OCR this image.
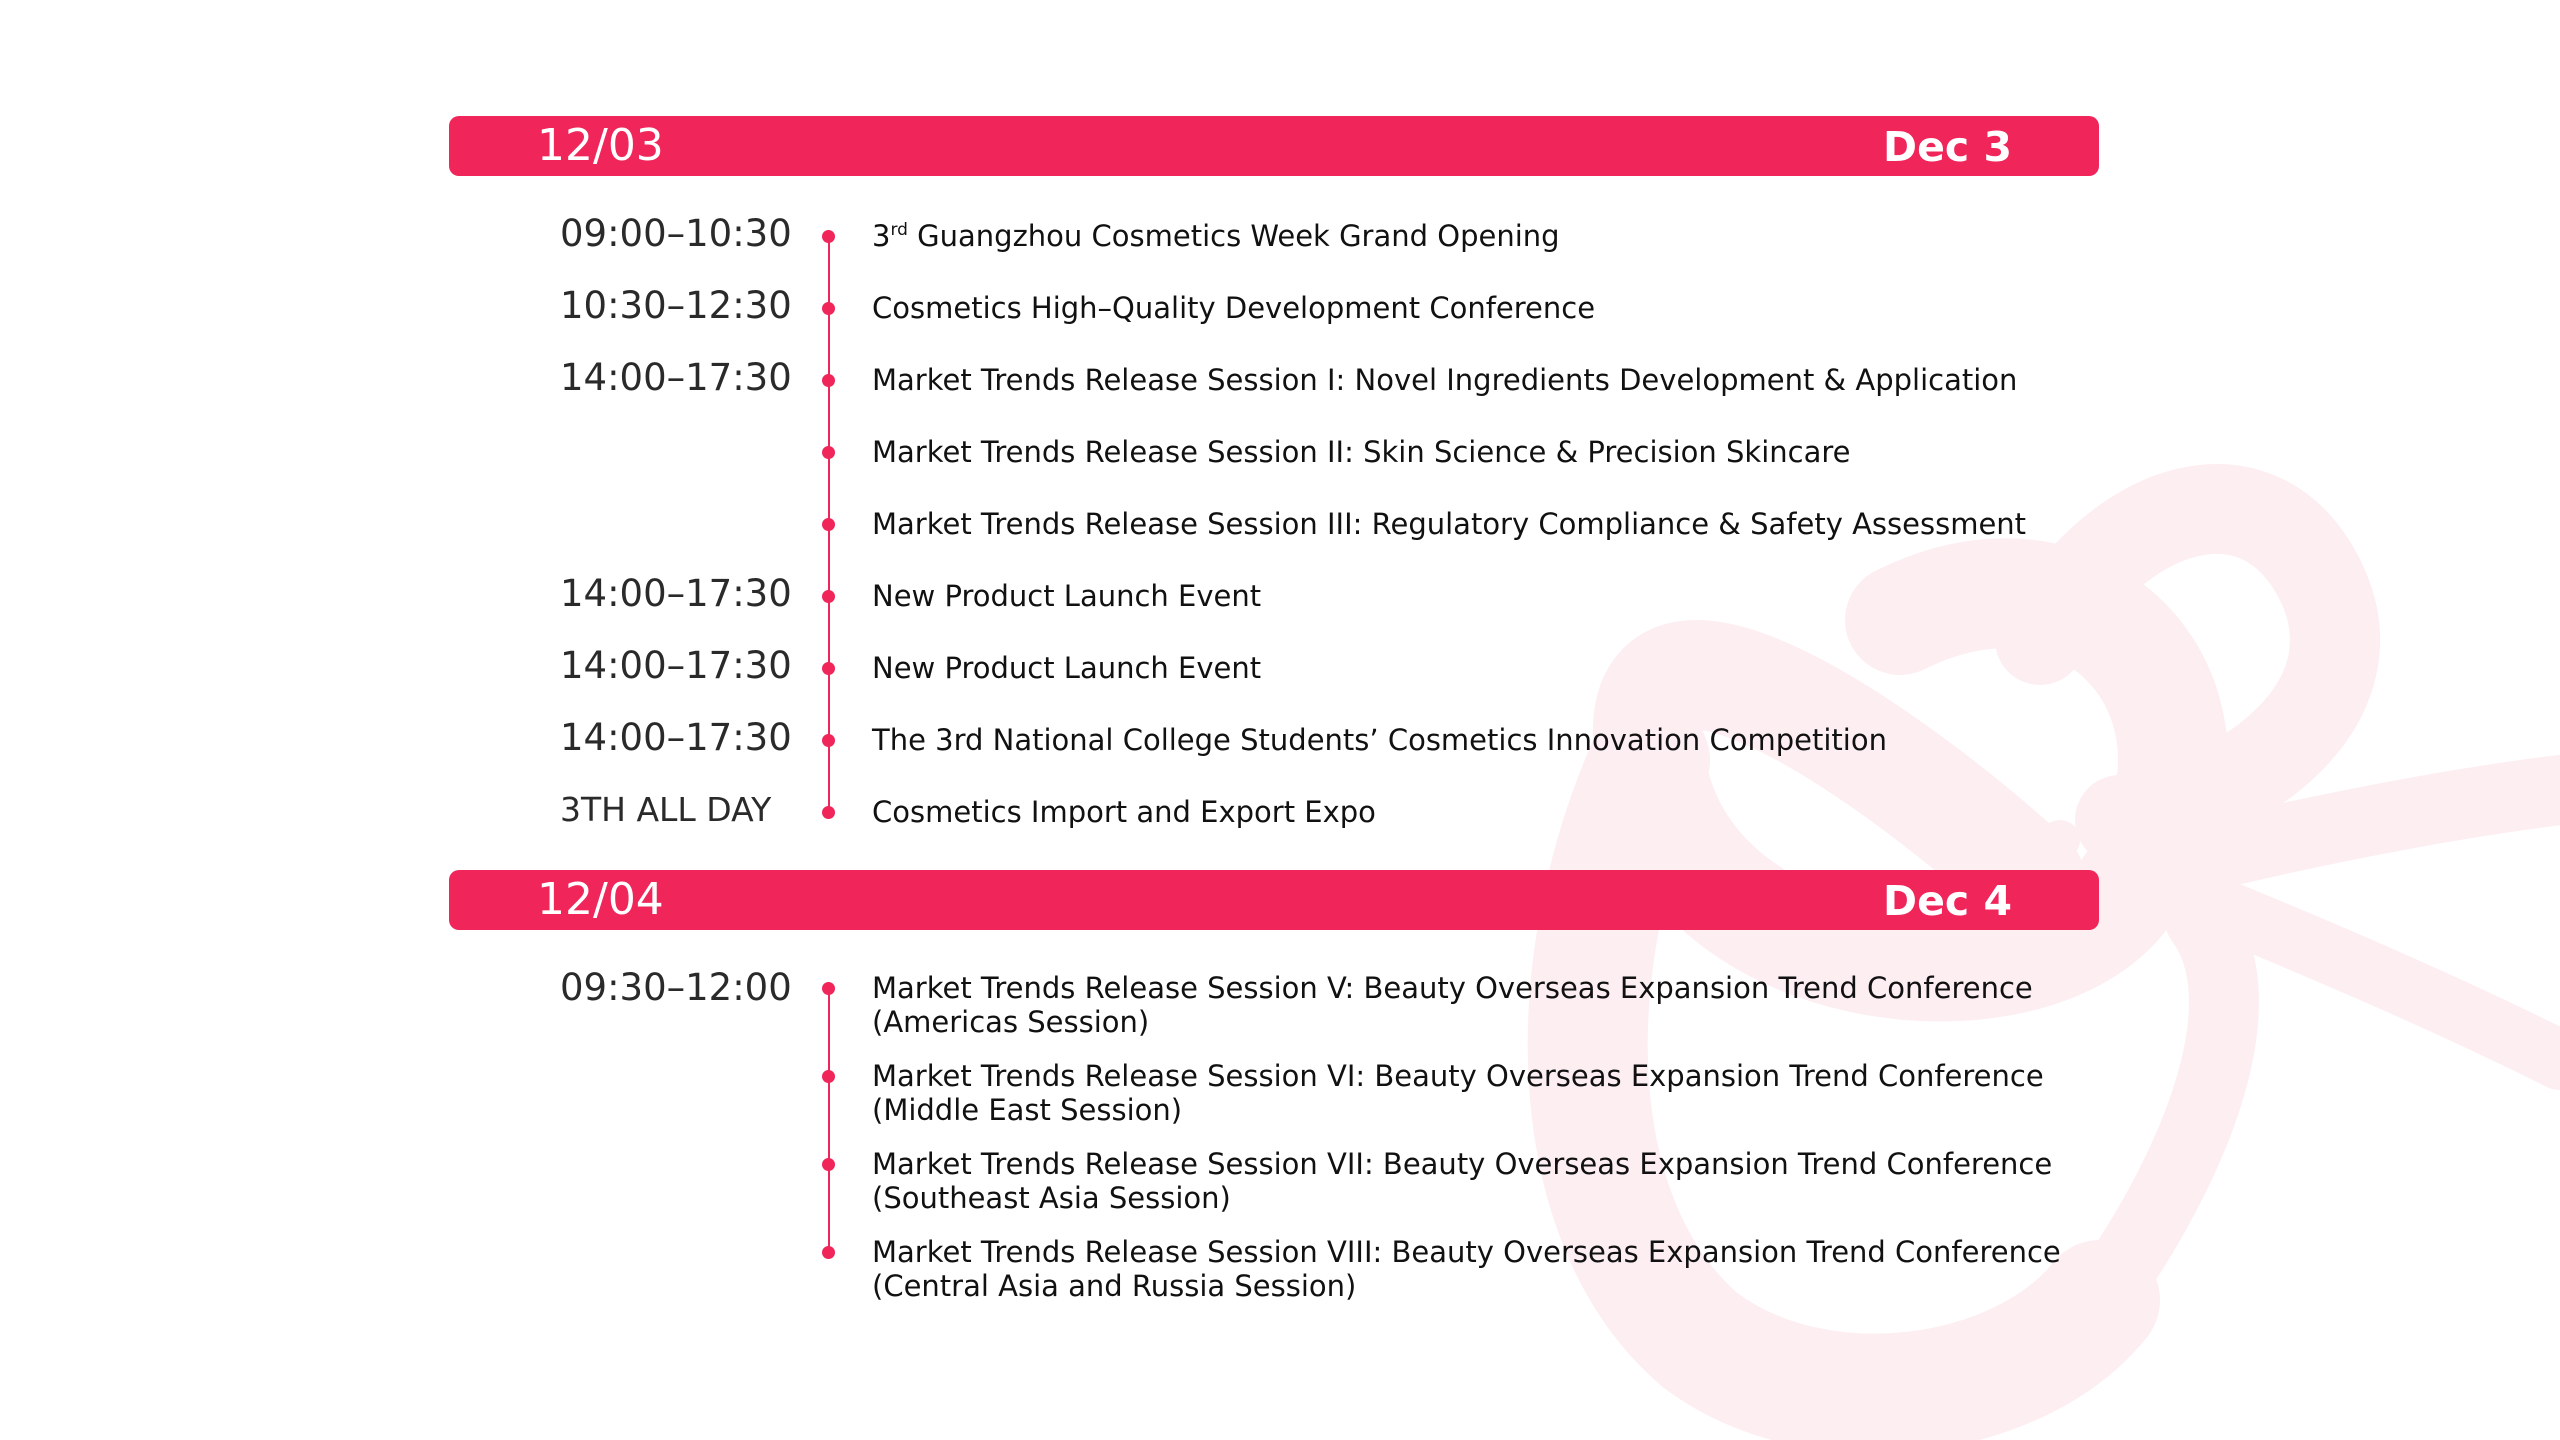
12/03	Dec 3
09:00–10:30	3rd Guangzhou Cosmetics Week Grand Opening
10:30–12:30	Cosmetics High–Quality Development Conference
14:00–17:30	Market Trends Release Session I: Novel Ingredients Development & Application
Market Trends Release Session II: Skin Science & Precision Skincare
Market Trends Release Session III: Regulatory Compliance & Safety Assessment
14:00–17:30	New Product Launch Event
14:00–17:30	New Product Launch Event
14:00–17:30	The 3rd National College Students’ Cosmetics Innovation Competition
3TH ALL DAY	Cosmetics Import and Export Expo
12/04	Dec 4
09:30–12:00	Market Trends Release Session V: Beauty Overseas Expansion Trend Conference
(Americas Session)
Market Trends Release Session VI: Beauty Overseas Expansion Trend Conference
(Middle East Session)
Market Trends Release Session VII: Beauty Overseas Expansion Trend Conference
(Southeast Asia Session)
Market Trends Release Session VIII: Beauty Overseas Expansion Trend Conference
(Central Asia and Russia Session)
